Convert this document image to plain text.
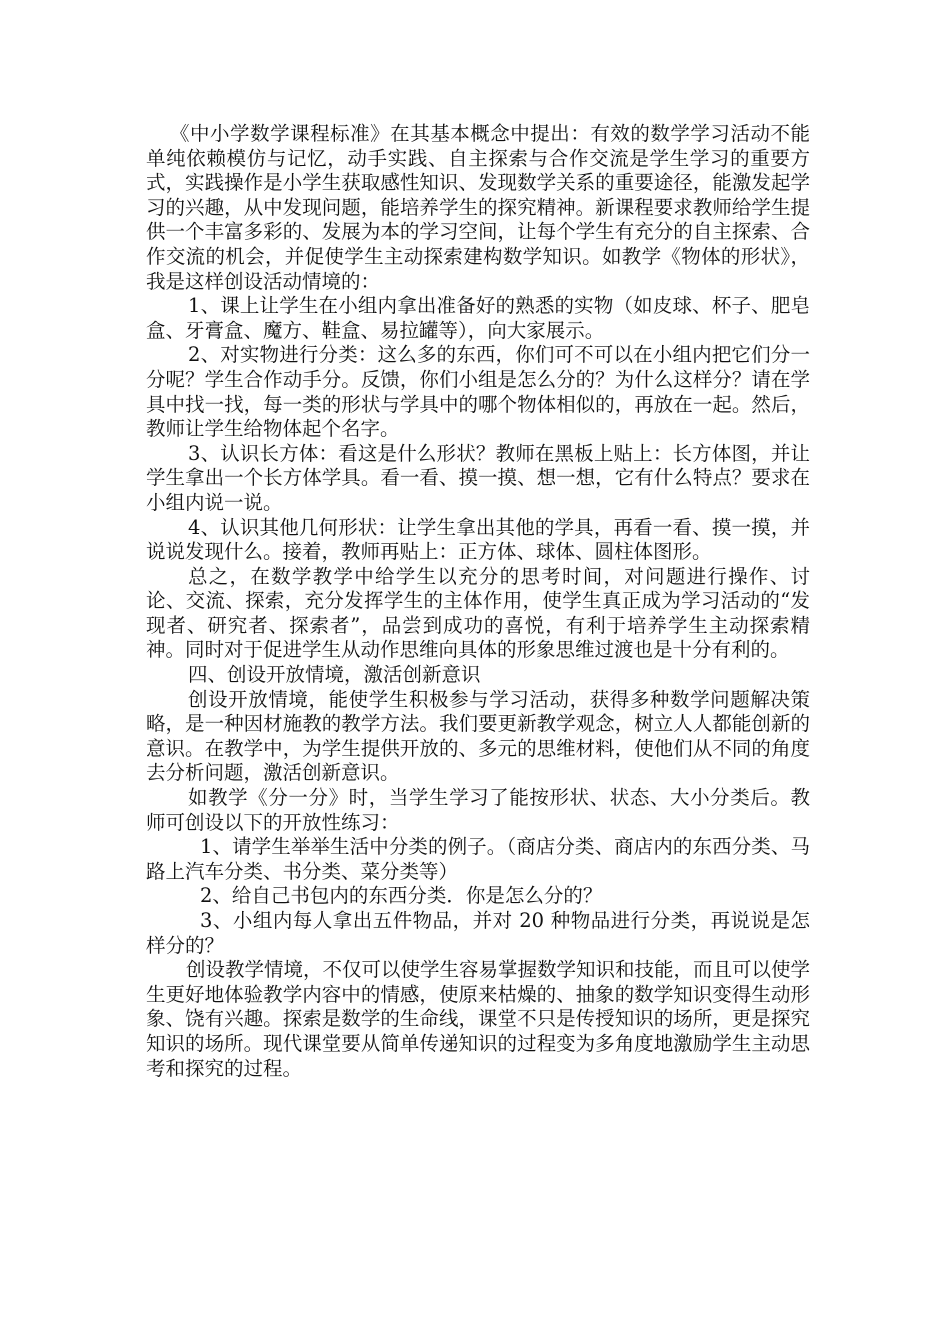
《中小学数学课程标准》在其基本概念中提出：有效的数学学习活动不能单纯依赖模仿与记忆，动手实践、自主探索与合作交流是学生学习的重要方式，实践操作是小学生获取感性知识、发现数学关系的重要途径，能激发起学习的兴趣，从中发现问题，能培养学生的探究精神。新课程要求教师给学生提供一个丰富多彩的、发展为本的学习空间，让每个学生有充分的自主探索、合作交流的机会，并促使学生主动探索建构数学知识。如教学《物体的形状》，我是这样创设活动情境的：

1、课上让学生在小组内拿出准备好的熟悉的实物（如皮球、杯子、肥皂盒、牙膏盒、魔方、鞋盒、易拉罐等），向大家展示。

2、对实物进行分类：这么多的东西，你们可不可以在小组内把它们分一分呢？学生合作动手分。反馈，你们小组是怎么分的？为什么这样分？请在学具中找一找，每一类的形状与学具中的哪个物体相似的，再放在一起。然后，教师让学生给物体起个名字。

3、认识长方体：看这是什么形状？教师在黑板上贴上：长方体图，并让学生拿出一个长方体学具。看一看、摸一摸、想一想，它有什么特点？要求在小组内说一说。

4、认识其他几何形状：让学生拿出其他的学具，再看一看、摸一摸，并说说发现什么。接着，教师再贴上：正方体、球体、圆柱体图形。

总之，在数学教学中给学生以充分的思考时间，对问题进行操作、讨论、交流、探索，充分发挥学生的主体作用，使学生真正成为学习活动的“发现者、研究者、探索者”，品尝到成功的喜悦，有利于培养学生主动探索精神。同时对于促进学生从动作思维向具体的形象思维过渡也是十分有利的。

四、创设开放情境，激活创新意识

创设开放情境，能使学生积极参与学习活动，获得多种数学问题解决策略，是一种因材施教的教学方法。我们要更新教学观念，树立人人都能创新的意识。在教学中，为学生提供开放的、多元的思维材料，使他们从不同的角度去分析问题，激活创新意识。

如教学《分一分》时，当学生学习了能按形状、状态、大小分类后。教师可创设以下的开放性练习：

1、请学生举举生活中分类的例子。（商店分类、商店内的东西分类、马路上汽车分类、书分类、菜分类等）

2、给自己书包内的东西分类．你是怎么分的？

3、小组内每人拿出五件物品，并对 20 种物品进行分类，再说说是怎样分的？

创设教学情境，不仅可以使学生容易掌握数学知识和技能，而且可以使学生更好地体验教学内容中的情感，使原来枯燥的、抽象的数学知识变得生动形象、饶有兴趣。探索是数学的生命线，课堂不只是传授知识的场所，更是探究知识的场所。现代课堂要从简单传递知识的过程变为多角度地激励学生主动思考和探究的过程。
